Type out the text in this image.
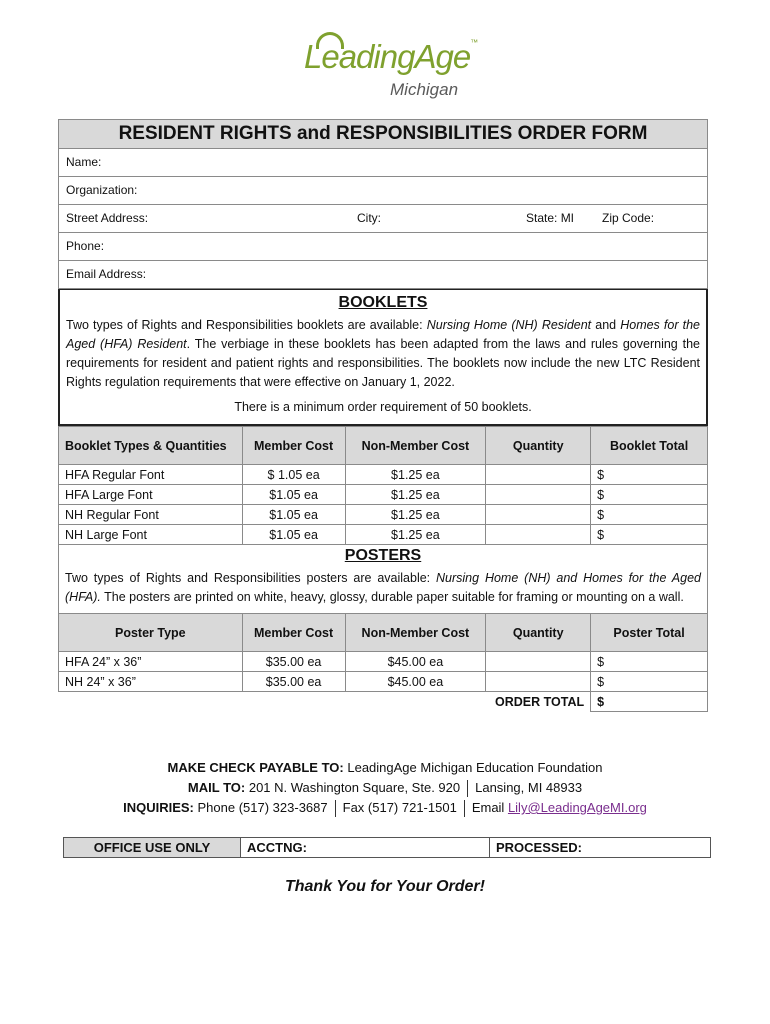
LeadingAge™
Michigan
RESIDENT RIGHTS and RESPONSIBILITIES ORDER FORM
Name:
Organization:
Street Address:	City:	State: MI Zip Code:
Phone:
Email Address:
BOOKLETS

Two types of Rights and Responsibilities booklets are available: Nursing Home (NH) Resident and Homes for the Aged (HFA) Resident. The verbiage in these booklets has been adapted from the laws and rules governing the requirements for resident and patient rights and responsibilities. The booklets now include the new LTC Resident Rights regulation requirements that were effective on January 1, 2022.

There is a minimum order requirement of 50 booklets.
Booklet Types & Quantities	Member Cost	Non-Member Cost	Quantity	Booklet Total
HFA Regular Font	$ 1.05 ea	$1.25 ea		$
HFA Large Font	$1.05 ea	$1.25 ea		$
NH Regular Font	$1.05 ea	$1.25 ea		$
NH Large Font	$1.05 ea	$1.25 ea		$
POSTERS

Two types of Rights and Responsibilities posters are available: Nursing Home (NH) and Homes for the Aged (HFA). The posters are printed on white, heavy, glossy, durable paper suitable for framing or mounting on a wall.

Poster Type	Member Cost	Non-Member Cost	Quantity	Poster Total
HFA 24” x 36”	$35.00 ea	$45.00 ea		$
NH 24” x 36”	$35.00 ea	$45.00 ea		$
			ORDER TOTAL	$
MAKE CHECK PAYABLE TO: LeadingAge Michigan Education Foundation
MAIL TO: 201 N. Washington Square, Ste. 920 Lansing, MI 48933
INQUIRIES: Phone (517) 323-3687 Fax (517) 721-1501 Email Lily@LeadingAgeMI.org
OFFICE USE ONLY	ACCTNG:	PROCESSED:
Thank You for Your Order!
